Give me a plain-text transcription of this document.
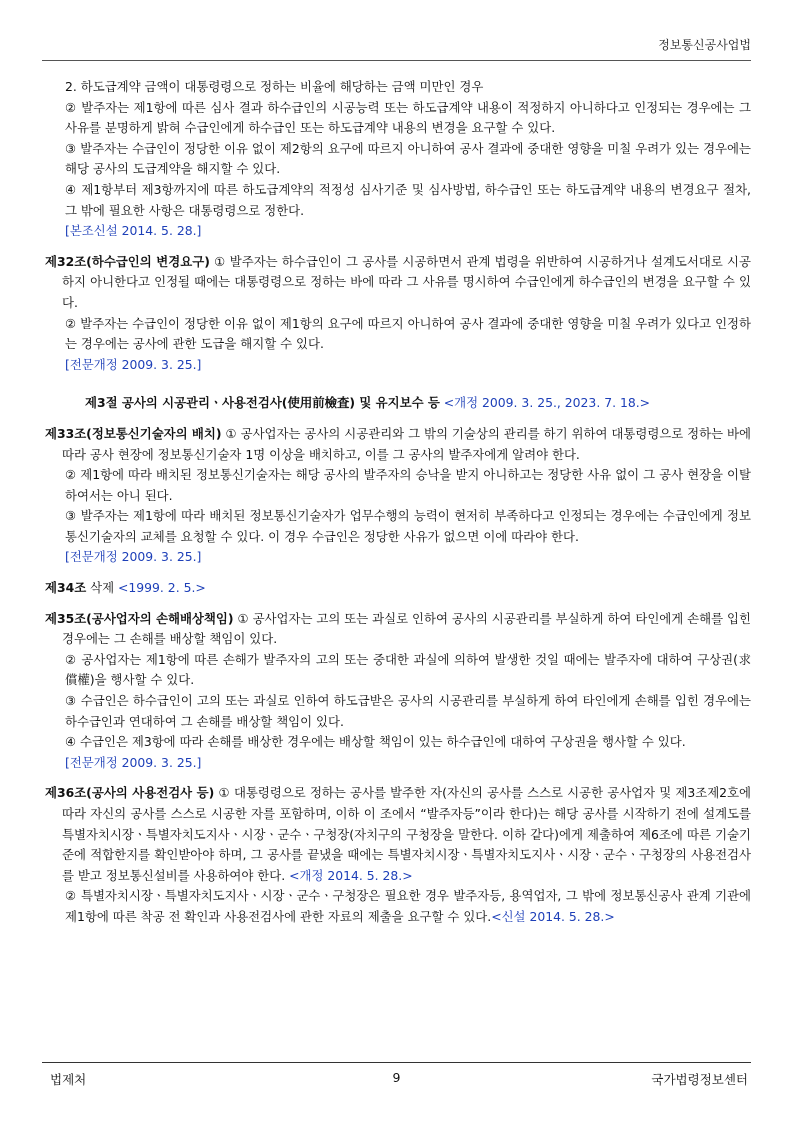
정보통신공사업법

2. 하도급계약 금액이 대통령령으로 정하는 비율에 해당하는 금액 미만인 경우

② 발주자는 제1항에 따른 심사 결과 하수급인의 시공능력 또는 하도급계약 내용이 적정하지 아니하다고 인정되는 경우에는 그 사유를 분명하게 밝혀 수급인에게 하수급인 또는 하도급계약 내용의 변경을 요구할 수 있다.

③ 발주자는 수급인이 정당한 이유 없이 제2항의 요구에 따르지 아니하여 공사 결과에 중대한 영향을 미칠 우려가 있는 경우에는 해당 공사의 도급계약을 해지할 수 있다.

④ 제1항부터 제3항까지에 따른 하도급계약의 적정성 심사기준 및 심사방법, 하수급인 또는 하도급계약 내용의 변경요구 절차, 그 밖에 필요한 사항은 대통령령으로 정한다.

[본조신설 2014. 5. 28.]

제32조(하수급인의 변경요구) ① 발주자는 하수급인이 그 공사를 시공하면서 관계 법령을 위반하여 시공하거나 설계도서대로 시공하지 아니한다고 인정될 때에는 대통령령으로 정하는 바에 따라 그 사유를 명시하여 수급인에게 하수급인의 변경을 요구할 수 있다.

② 발주자는 수급인이 정당한 이유 없이 제1항의 요구에 따르지 아니하여 공사 결과에 중대한 영향을 미칠 우려가 있다고 인정하는 경우에는 공사에 관한 도급을 해지할 수 있다.

[전문개정 2009. 3. 25.]

제3절 공사의 시공관리ㆍ사용전검사(使用前檢査) 및 유지보수 등 <개정 2009. 3. 25., 2023. 7. 18.>

제33조(정보통신기술자의 배치) ① 공사업자는 공사의 시공관리와 그 밖의 기술상의 관리를 하기 위하여 대통령령으로 정하는 바에 따라 공사 현장에 정보통신기술자 1명 이상을 배치하고, 이를 그 공사의 발주자에게 알려야 한다.

② 제1항에 따라 배치된 정보통신기술자는 해당 공사의 발주자의 승낙을 받지 아니하고는 정당한 사유 없이 그 공사 현장을 이탈하여서는 아니 된다.

③ 발주자는 제1항에 따라 배치된 정보통신기술자가 업무수행의 능력이 현저히 부족하다고 인정되는 경우에는 수급인에게 정보통신기술자의 교체를 요청할 수 있다. 이 경우 수급인은 정당한 사유가 없으면 이에 따라야 한다.

[전문개정 2009. 3. 25.]

제34조 삭제 <1999. 2. 5.>

제35조(공사업자의 손해배상책임) ① 공사업자는 고의 또는 과실로 인하여 공사의 시공관리를 부실하게 하여 타인에게 손해를 입힌 경우에는 그 손해를 배상할 책임이 있다.

② 공사업자는 제1항에 따른 손해가 발주자의 고의 또는 중대한 과실에 의하여 발생한 것일 때에는 발주자에 대하여 구상권(求償權)을 행사할 수 있다.

③ 수급인은 하수급인이 고의 또는 과실로 인하여 하도급받은 공사의 시공관리를 부실하게 하여 타인에게 손해를 입힌 경우에는 하수급인과 연대하여 그 손해를 배상할 책임이 있다.

④ 수급인은 제3항에 따라 손해를 배상한 경우에는 배상할 책임이 있는 하수급인에 대하여 구상권을 행사할 수 있다.

[전문개정 2009. 3. 25.]

제36조(공사의 사용전검사 등) ① 대통령령으로 정하는 공사를 발주한 자(자신의 공사를 스스로 시공한 공사업자 및 제3조제2호에 따라 자신의 공사를 스스로 시공한 자를 포함하며, 이하 이 조에서 “발주자등”이라 한다)는 해당 공사를 시작하기 전에 설계도를 특별자치시장ㆍ특별자치도지사ㆍ시장ㆍ군수ㆍ구청장(자치구의 구청장을 말한다. 이하 같다)에게 제출하여 제6조에 따른 기술기준에 적합한지를 확인받아야 하며, 그 공사를 끝냈을 때에는 특별자치시장ㆍ특별자치도지사ㆍ시장ㆍ군수ㆍ구청장의 사용전검사를 받고 정보통신설비를 사용하여야 한다. <개정 2014. 5. 28.>

② 특별자치시장ㆍ특별자치도지사ㆍ시장ㆍ군수ㆍ구청장은 필요한 경우 발주자등, 용역업자, 그 밖에 정보통신공사 관계 기관에 제1항에 따른 착공 전 확인과 사용전검사에 관한 자료의 제출을 요구할 수 있다.<신설 2014. 5. 28.>

법제처	9	국가법령정보센터
